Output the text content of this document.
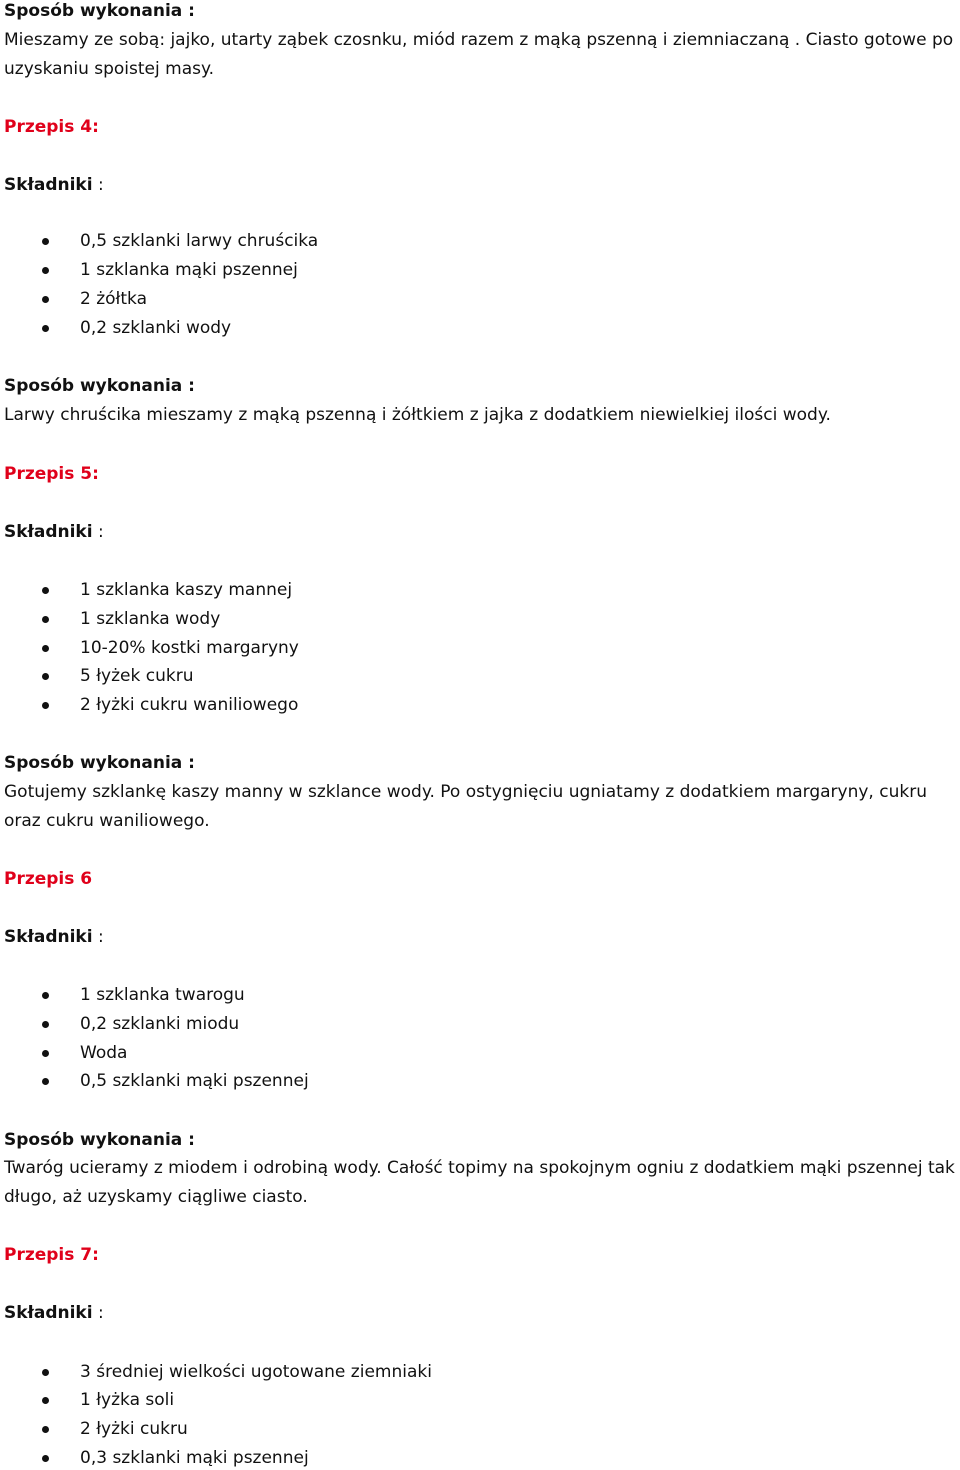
Sposób wykonania :
Mieszamy ze sobą: jajko, utarty ząbek czosnku, miód razem z mąką pszenną i ziemniaczaną . Ciasto gotowe po uzyskaniu spoistej masy.
Przepis 4:
Składniki :
0,5 szklanki larwy chruścika
1 szklanka mąki pszennej
2 żółtka
0,2 szklanki wody
Sposób wykonania :
Larwy chruścika mieszamy z mąką pszenną i żółtkiem z jajka z dodatkiem niewielkiej ilości wody.
Przepis 5:
Składniki :
1 szklanka kaszy mannej
1 szklanka wody
10-20% kostki margaryny
5 łyżek cukru
2 łyżki cukru waniliowego
Sposób wykonania :
Gotujemy szklankę kaszy manny w szklance wody. Po ostygnięciu ugniatamy z dodatkiem margaryny, cukru oraz cukru waniliowego.
Przepis 6
Składniki :
1 szklanka twarogu
0,2 szklanki miodu
Woda
0,5 szklanki mąki pszennej
Sposób wykonania :
Twaróg ucieramy z miodem i odrobiną wody. Całość topimy na spokojnym ogniu z dodatkiem mąki pszennej tak długo, aż uzyskamy ciągliwe ciasto.
Przepis 7:
Składniki :
3 średniej wielkości ugotowane ziemniaki
1 łyżka soli
2 łyżki cukru
0,3 szklanki mąki pszennej
